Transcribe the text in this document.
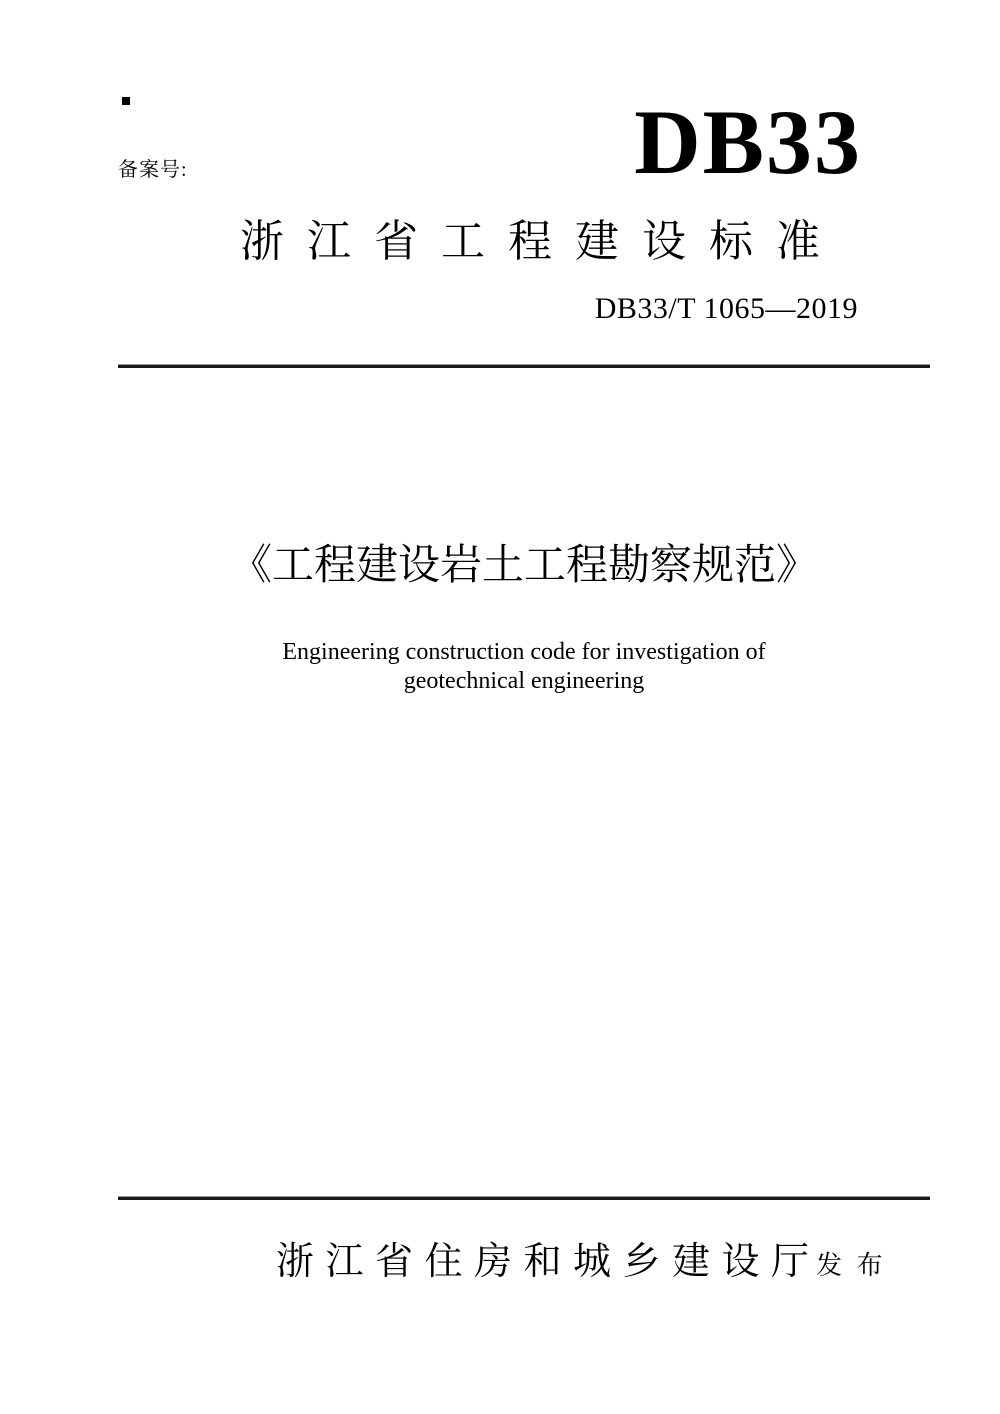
备案号:	DB33
浙 江 省 工 程 建 设 标 准
DB33/T 1065—2019
《工程建设岩土工程勘察规范》
Engineering construction code for investigation of
geotechnical engineering
浙 江 省 住 房 和 城 乡 建 设 厅 发 布
